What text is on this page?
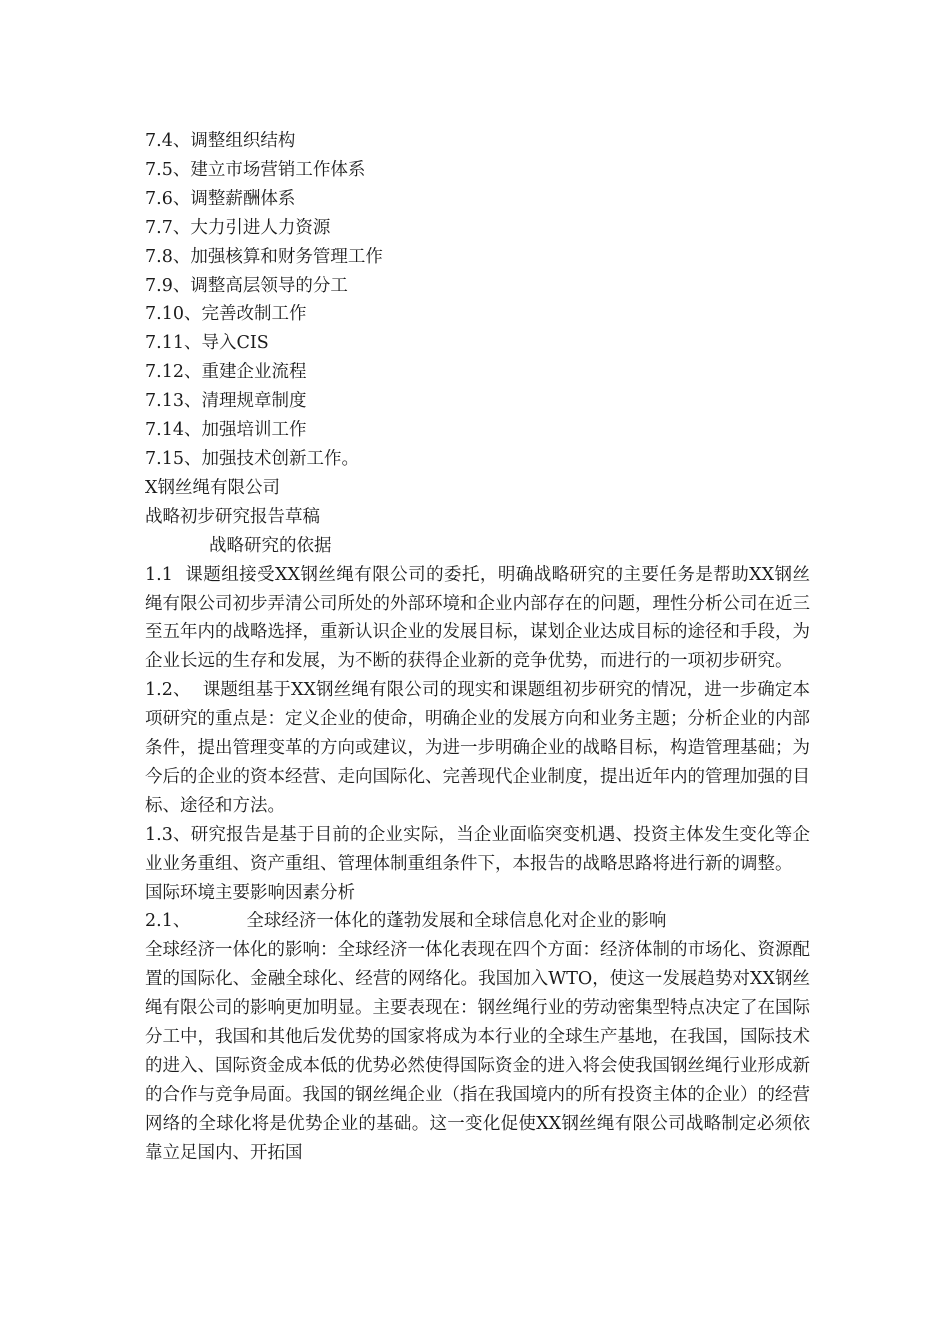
7.4、调整组织结构

7.5、建立市场营销工作体系

7.6、调整薪酬体系

7.7、大力引进人力资源

7.8、加强核算和财务管理工作

7.9、调整高层领导的分工

7.10、完善改制工作

7.11、导入CIS

7.12、重建企业流程

7.13、清理规章制度

7.14、加强培训工作

7.15、加强技术创新工作。

X钢丝绳有限公司

战略初步研究报告草稿

战略研究的依据

1.1 课题组接受XX钢丝绳有限公司的委托，明确战略研究的主要任务是帮助XX钢丝绳有限公司初步弄清公司所处的外部环境和企业内部存在的问题，理性分析公司在近三至五年内的战略选择，重新认识企业的发展目标，谋划企业达成目标的途径和手段，为企业长远的生存和发展，为不断的获得企业新的竞争优势，而进行的一项初步研究。

1.2、 课题组基于XX钢丝绳有限公司的现实和课题组初步研究的情况，进一步确定本项研究的重点是：定义企业的使命，明确企业的发展方向和业务主题；分析企业的内部条件，提出管理变革的方向或建议，为进一步明确企业的战略目标，构造管理基础；为今后的企业的资本经营、走向国际化、完善现代企业制度，提出近年内的管理加强的目标、途径和方法。

1.3、研究报告是基于目前的企业实际，当企业面临突变机遇、投资主体发生变化等企业业务重组、资产重组、管理体制重组条件下，本报告的战略思路将进行新的调整。

国际环境主要影响因素分析

2.1、	全球经济一体化的蓬勃发展和全球信息化对企业的影响

全球经济一体化的影响：全球经济一体化表现在四个方面：经济体制的市场化、资源配置的国际化、金融全球化、经营的网络化。我国加入WTO，使这一发展趋势对XX钢丝绳有限公司的影响更加明显。主要表现在：钢丝绳行业的劳动密集型特点决定了在国际分工中，我国和其他后发优势的国家将成为本行业的全球生产基地，在我国，国际技术的进入、国际资金成本低的优势必然使得国际资金的进入将会使我国钢丝绳行业形成新的合作与竞争局面。我国的钢丝绳企业（指在我国境内的所有投资主体的企业）的经营网络的全球化将是优势企业的基础。这一变化促使XX钢丝绳有限公司战略制定必须依靠立足国内、开拓国
